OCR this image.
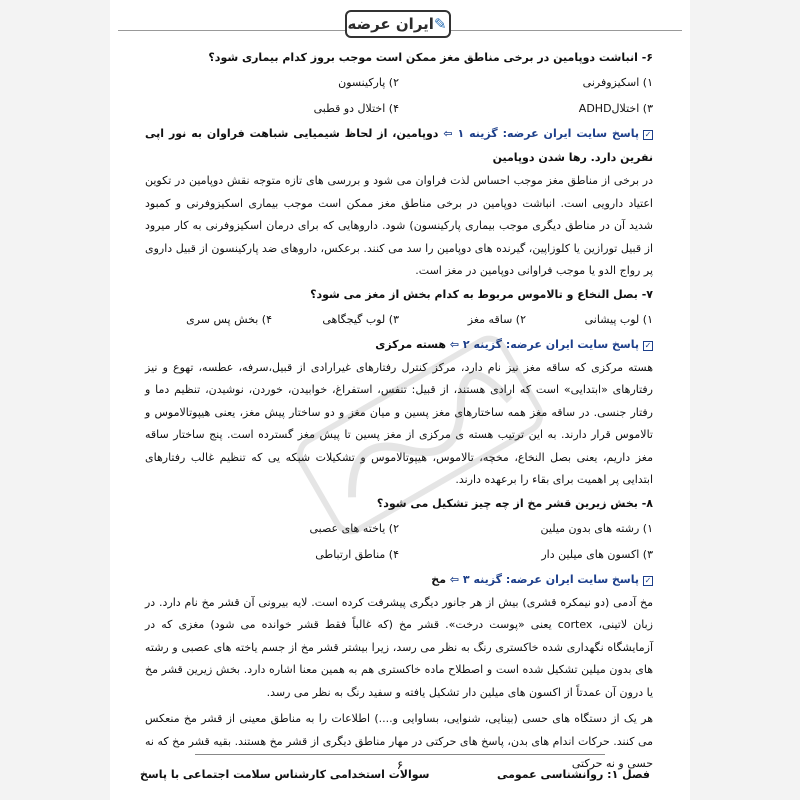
✎
ایران عرضه
۶- انباشت دوپامین در برخی مناطق مغز ممکن است موجب بروز کدام بیماری شود؟
۱) اسکیزوفرنی
۲) پارکینسون
۳) اختلالADHD
۴) اختلال دو قطبی
✓پاسخ سایت ایران عرضه: گزینه ۱ ⇦ دوپامین، از لحاظ شیمیایی شباهت فراوان به نور اپی نفرین دارد. رها شدن دوپامین
در برخی از مناطق مغز موجب احساس لذت فراوان می شود و بررسی های تازه متوجه نقش دوپامین در تکوین اعتیاد دارویی است. انباشت دوپامین در برخی مناطق مغز ممکن است موجب بیماری اسکیزوفرنی و کمبود شدید آن در مناطق دیگری موجب بیماری پارکینسون) شود. داروهایی که برای درمان اسکیزوفرنی به کار میرود از قبیل تورازین یا کلوزاپین، گیرنده های دوپامین را سد می کنند. برعکس، داروهای ضد پارکینسون از قبیل داروی پر رواج الدو یا موجب فراوانی دوپامین در مغز است.
۷- بصل النخاع و تالاموس مربوط به کدام بخش از مغز می شود؟
۱) لوب پیشانی
۲) ساقه مغز
۳) لوب گیجگاهی
۴) بخش پس سری
✓پاسخ سایت ایران عرضه: گزینه ۲ ⇦ هسته مرکزی
هسته مرکزی که ساقه مغز نیز نام دارد، مرکز کنترل رفتارهای غیرارادی از قبیل،سرفه، عطسه، تهوع و نیز رفتارهای «ابتدایی» است که ارادی هستند، از قبیل: تنفس، استفراغ، خوابیدن، خوردن، نوشیدن، تنظیم دما و رفتار جنسی. در ساقه مغز همه ساختارهای مغز پسین و میان مغز و دو ساختار پیش مغز، یعنی هیپوتالاموس و تالاموس قرار دارند. به این ترتیب هسته ی مرکزی از مغز پسین تا پیش مغز گسترده است. پنج ساختار ساقه مغز داریم، یعنی بصل النخاع، مخچه، تالاموس، هیپوتالاموس و تشکیلات شبکه یی که تنظیم غالب رفتارهای ابتدایی پر اهمیت برای بقاء را برعهده دارند.
۸- بخش زیرین قشر مخ از چه چیز تشکیل می شود؟
۱) رشته های بدون میلین
۲) یاخته های عصبی
۳) اکسون های میلین دار
۴) مناطق ارتباطی
✓پاسخ سایت ایران عرضه: گزینه ۳ ⇦ مخ
مخ آدمی (دو نیمکره قشری) بیش از هر جانور دیگری پیشرفت کرده است. لایه بیرونی آن قشر مخ نام دارد. در زبان لاتینی، cortex یعنی «پوست درخت». قشر مخ (که غالباً فقط قشر خوانده می شود) مغزی که در آزمایشگاه نگهداری شده خاکستری رنگ به نظر می رسد، زیرا بیشتر قشر مخ از جسم یاخته های عصبی و رشته های بدون میلین تشکیل شده است و اصطلاح ماده خاکستری هم به همین معنا اشاره دارد. بخش زیرین قشر مخ یا درون آن عمدتاً از اکسون های میلین دار تشکیل یافته و سفید رنگ به نظر می رسد.
هر یک از دستگاه های حسی (بینایی، شنوایی، بساوایی و....) اطلاعات را به مناطق معینی از قشر مخ منعکس می کنند. حرکات اندام های بدن، پاسخ های حرکتی در مهار مناطق دیگری از قشر مخ هستند. بقیه قشر مخ که نه حسی و نه حرکتی
۶
سوالات استخدامی کارشناس سلامت اجتماعی با پاسخ	فصل ۱: روانشناسی عمومی
